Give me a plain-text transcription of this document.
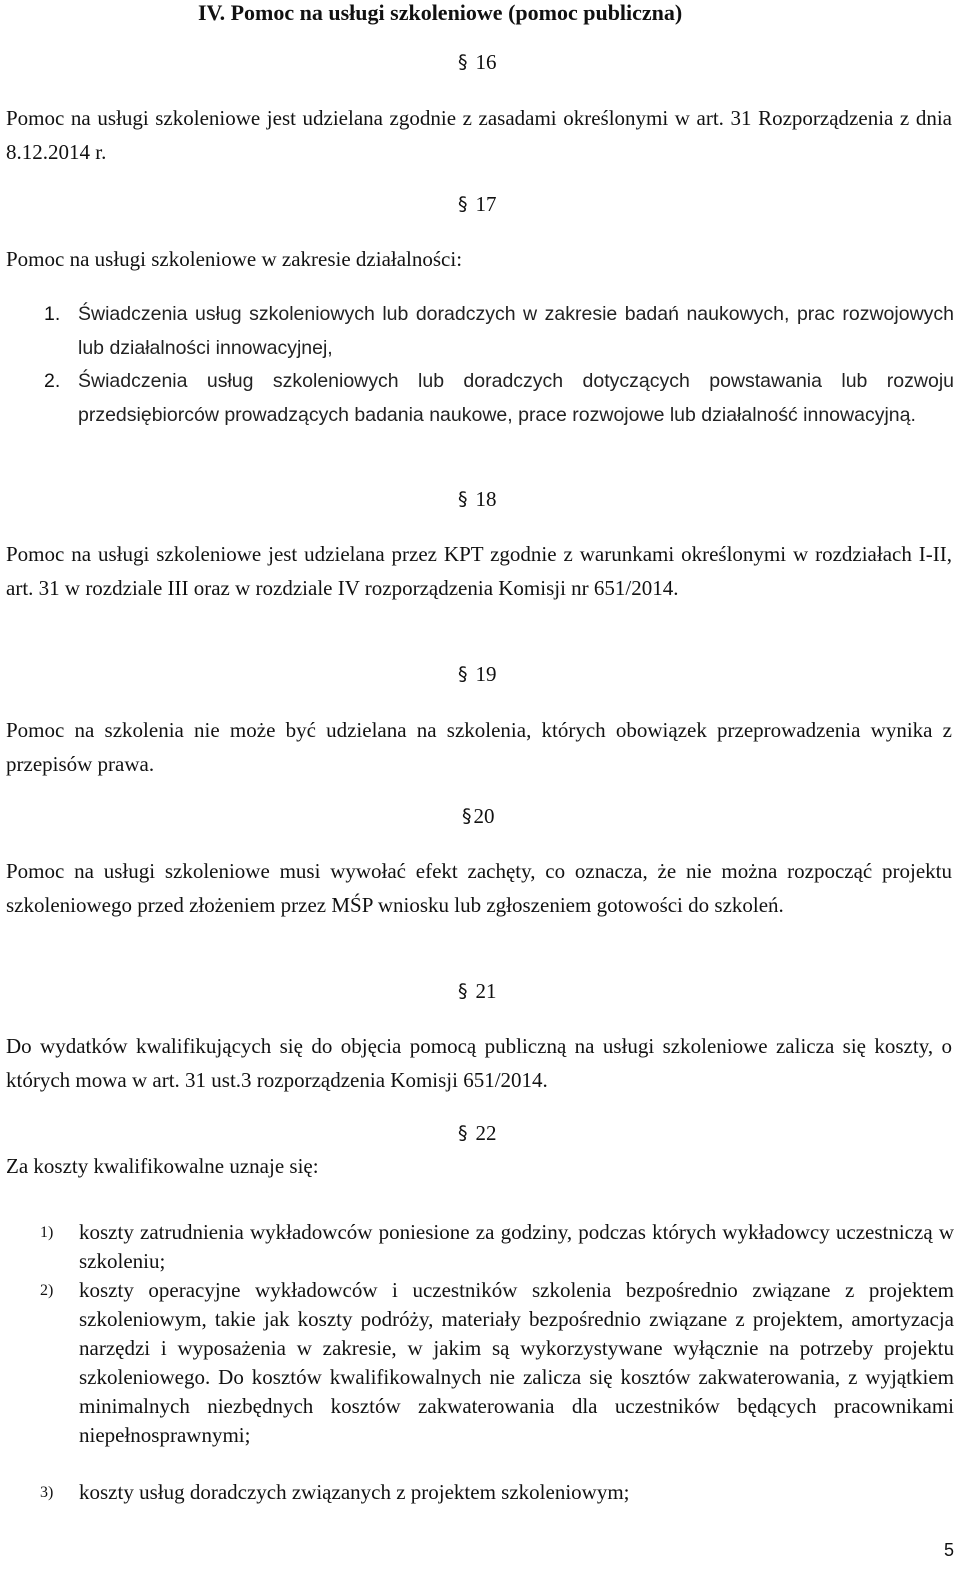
IV. Pomoc na usługi szkoleniowe (pomoc publiczna)
§ 16
Pomoc na usługi szkoleniowe jest udzielana zgodnie z zasadami określonymi w art. 31 Rozporządzenia z dnia 8.12.2014 r.
§ 17
Pomoc na usługi szkoleniowe w zakresie działalności:
1. Świadczenia usług szkoleniowych lub doradczych w zakresie badań naukowych, prac rozwojowych lub działalności innowacyjnej,
2. Świadczenia usług szkoleniowych lub doradczych dotyczących powstawania lub rozwoju przedsiębiorców prowadzących badania naukowe, prace rozwojowe lub działalność innowacyjną.
§ 18
Pomoc na usługi szkoleniowe jest udzielana przez KPT zgodnie z warunkami określonymi w rozdziałach I-II, art. 31 w rozdziale III oraz w rozdziale IV rozporządzenia Komisji nr 651/2014.
§ 19
Pomoc na szkolenia nie może być udzielana na szkolenia, których obowiązek przeprowadzenia wynika z przepisów prawa.
§20
Pomoc na usługi szkoleniowe musi wywołać efekt zachęty, co oznacza, że nie można rozpocząć projektu szkoleniowego przed złożeniem przez MŚP wniosku lub zgłoszeniem gotowości do szkoleń.
§ 21
Do wydatków kwalifikujących się do objęcia pomocą publiczną na usługi szkoleniowe zalicza się koszty, o których mowa w art. 31 ust.3 rozporządzenia Komisji 651/2014.
§ 22
Za koszty kwalifikowalne uznaje się:
1) koszty zatrudnienia wykładowców poniesione za godziny, podczas których wykładowcy uczestniczą w szkoleniu;
2) koszty operacyjne wykładowców i uczestników szkolenia bezpośrednio związane z projektem szkoleniowym, takie jak koszty podróży, materiały bezpośrednio związane z projektem, amortyzacja narzędzi i wyposażenia w zakresie, w jakim są wykorzystywane wyłącznie na potrzeby projektu szkoleniowego. Do kosztów kwalifikowalnych nie zalicza się kosztów zakwaterowania, z wyjątkiem minimalnych niezbędnych kosztów zakwaterowania dla uczestników będących pracownikami niepełnosprawnymi;
3) koszty usług doradczych związanych z projektem szkoleniowym;
5
